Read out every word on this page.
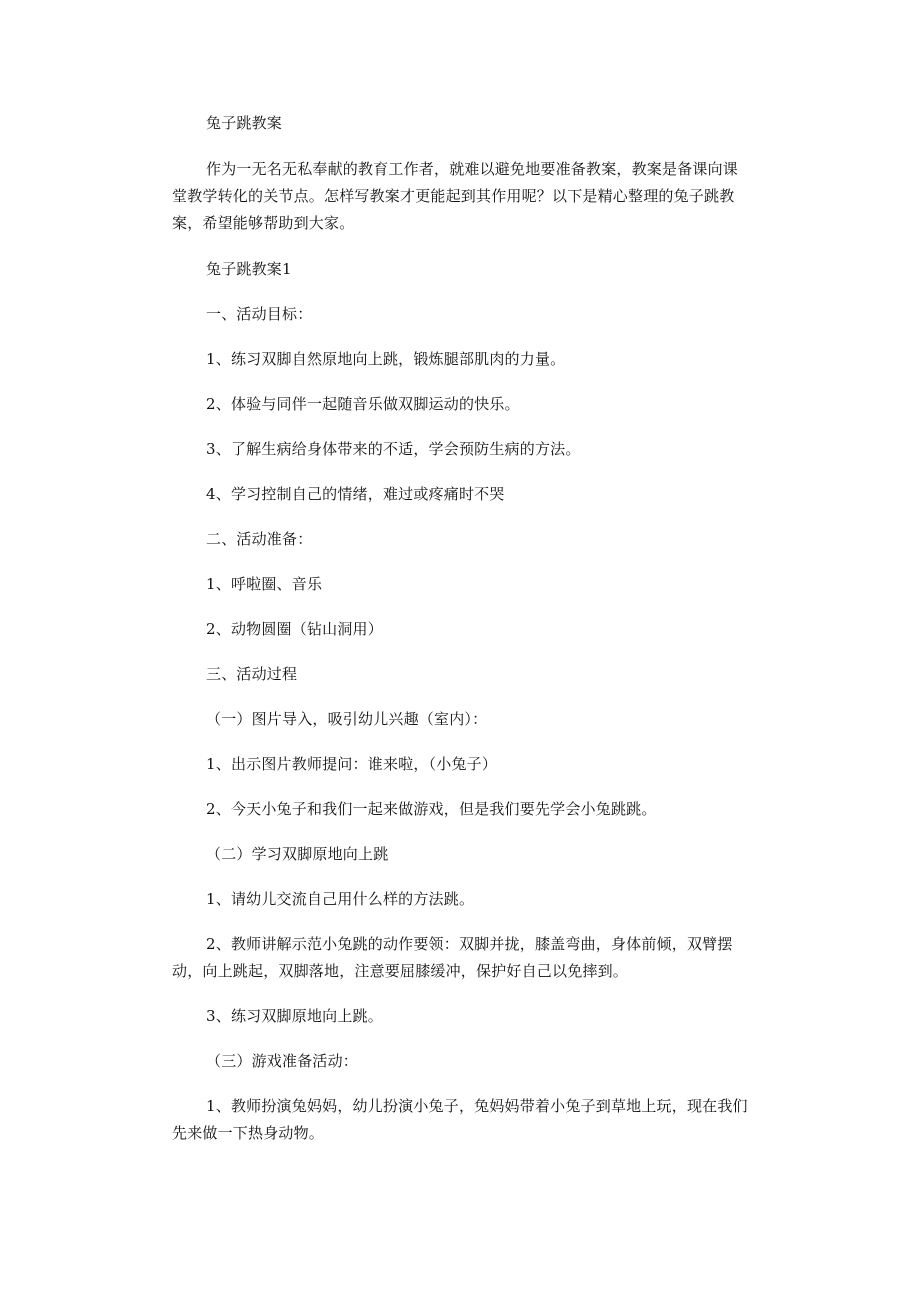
兔子跳教案

作为一无名无私奉献的教育工作者，就难以避免地要准备教案，教案是备课向课堂教学转化的关节点。怎样写教案才更能起到其作用呢？以下是精心整理的兔子跳教案，希望能够帮助到大家。

兔子跳教案1

一、活动目标：

1、练习双脚自然原地向上跳，锻炼腿部肌肉的力量。

2、体验与同伴一起随音乐做双脚运动的快乐。

3、了解生病给身体带来的不适，学会预防生病的方法。

4、学习控制自己的情绪，难过或疼痛时不哭

二、活动准备：

1、呼啦圈、音乐

2、动物圆圈（钻山洞用）

三、活动过程

（一）图片导入，吸引幼儿兴趣（室内）：

1、出示图片教师提问：谁来啦，（小兔子）

2、今天小兔子和我们一起来做游戏，但是我们要先学会小兔跳跳。

（二）学习双脚原地向上跳

1、请幼儿交流自己用什么样的方法跳。

2、教师讲解示范小兔跳的动作要领：双脚并拢，膝盖弯曲，身体前倾，双臂摆动，向上跳起，双脚落地，注意要屈膝缓冲，保护好自己以免摔到。

3、练习双脚原地向上跳。

（三）游戏准备活动：

1、教师扮演兔妈妈，幼儿扮演小兔子，兔妈妈带着小兔子到草地上玩，现在我们先来做一下热身动物。
